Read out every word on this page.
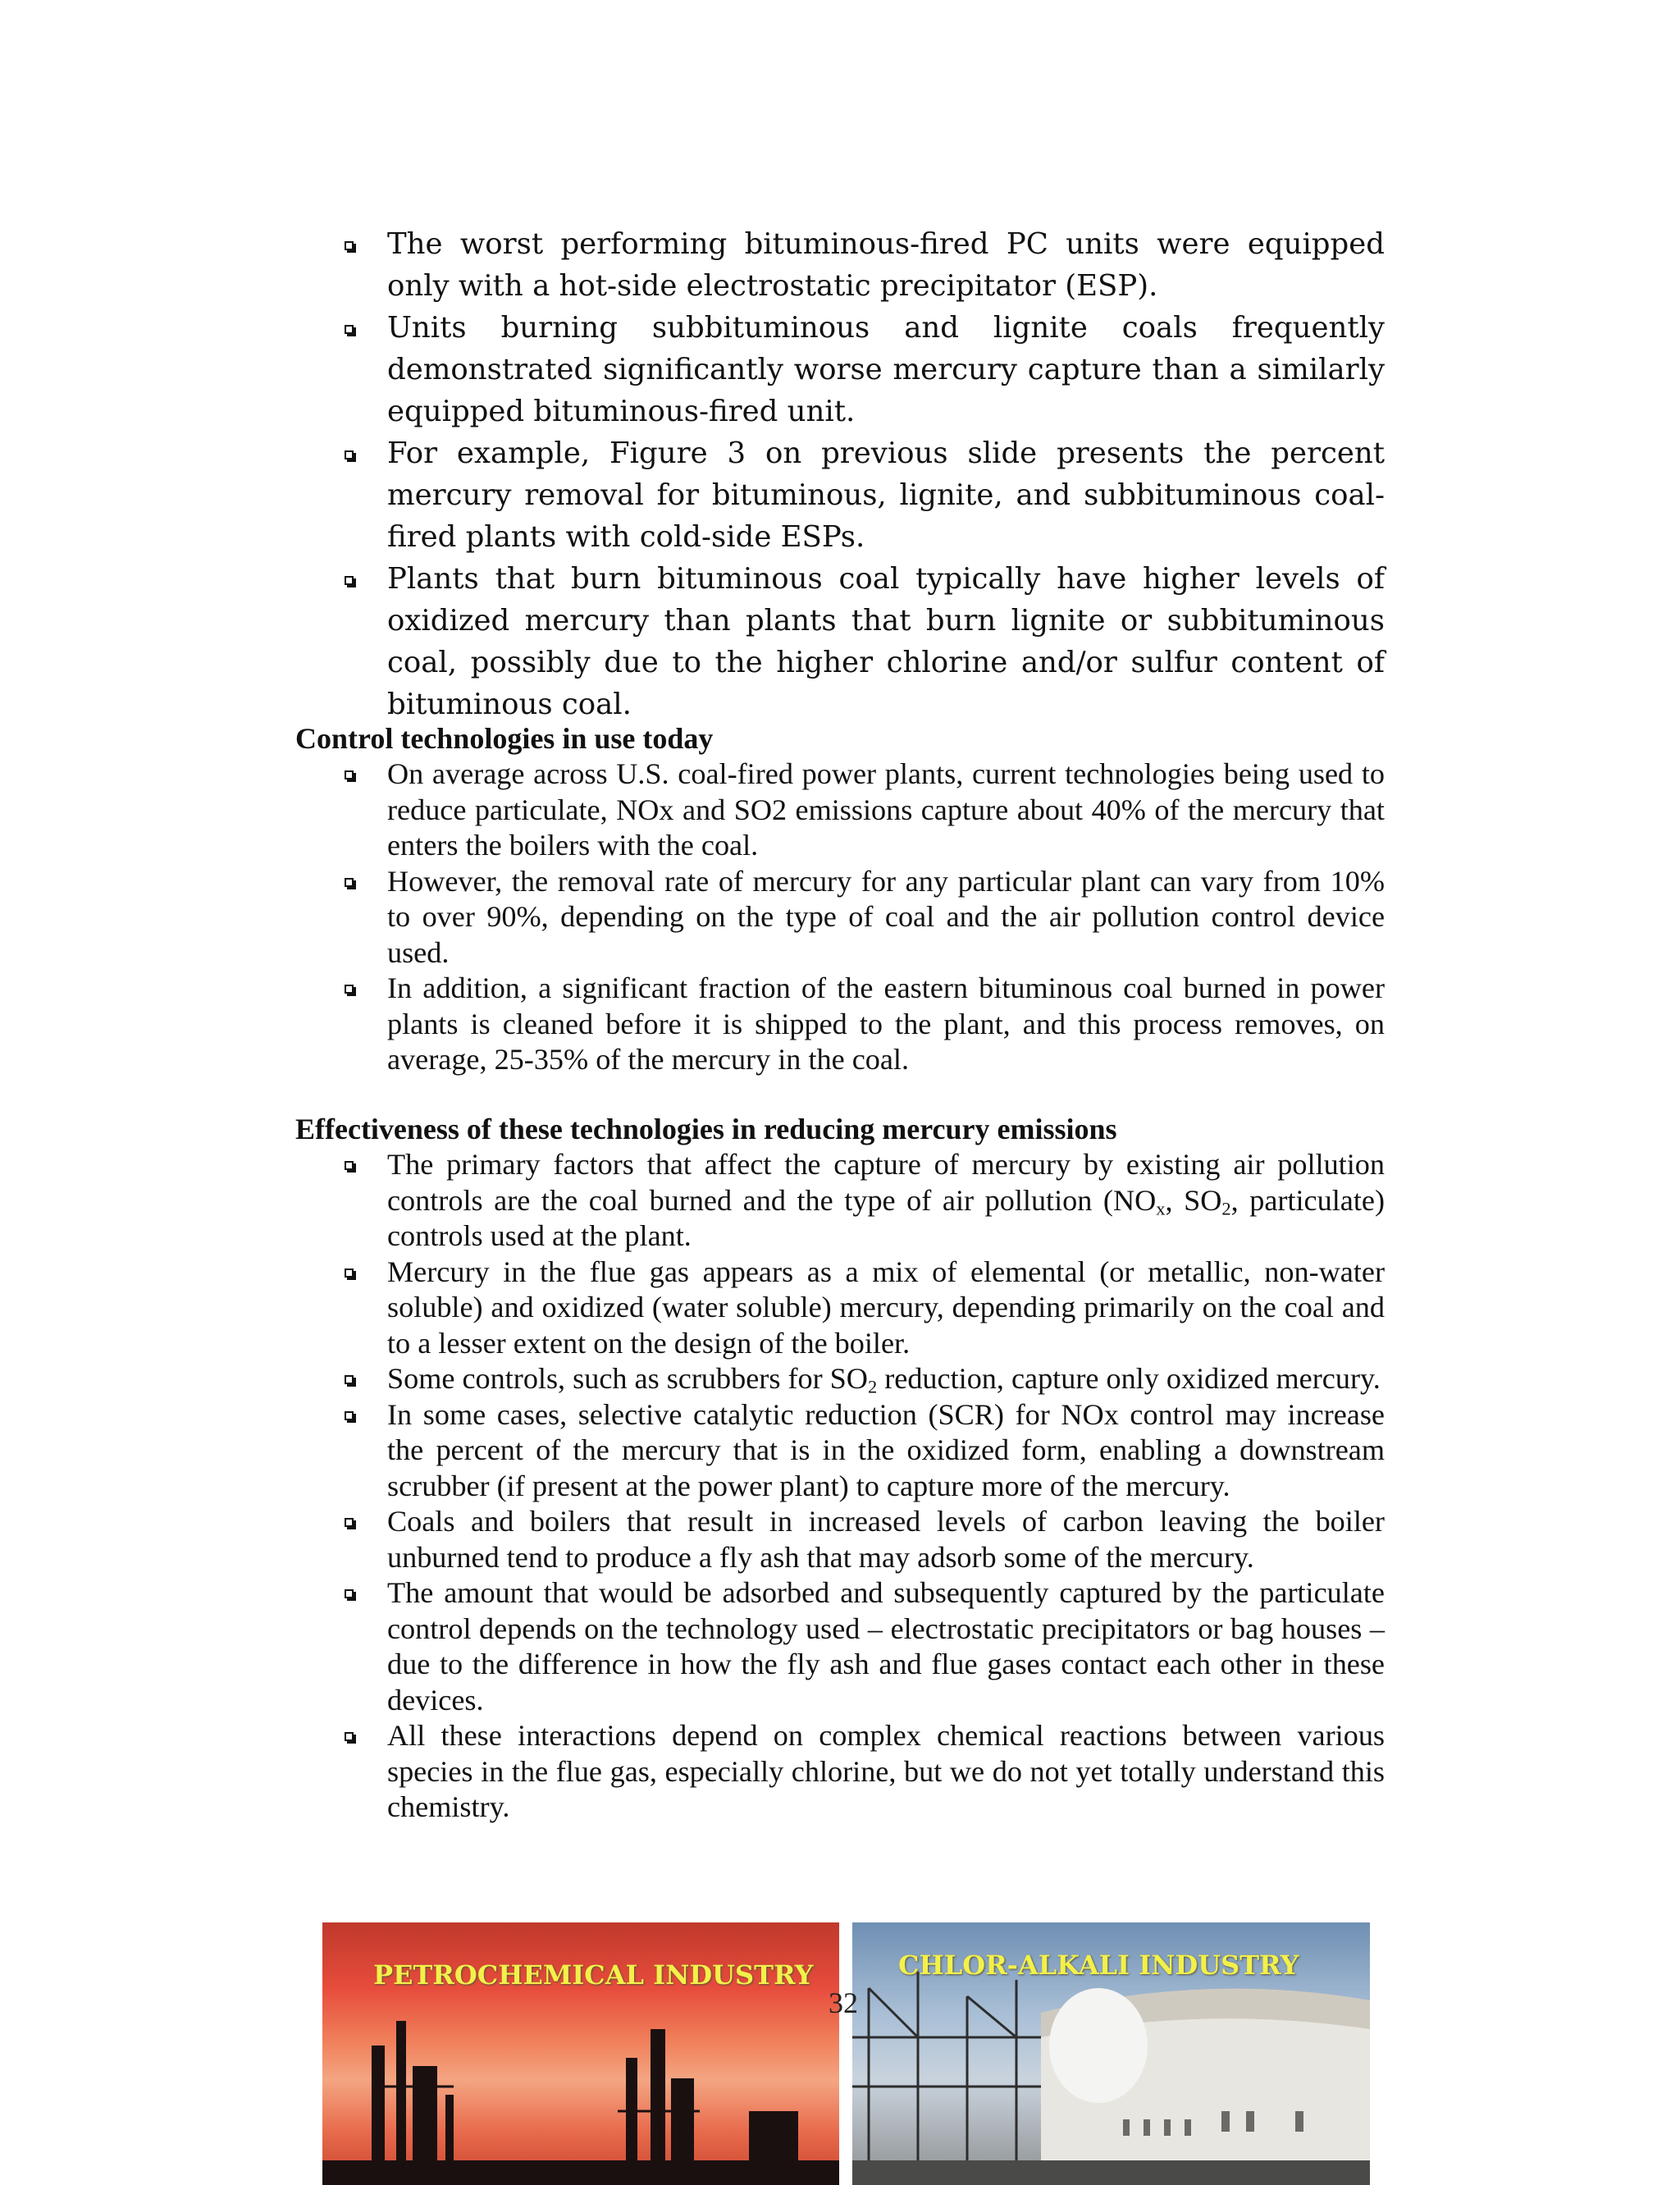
The worst performing bituminous-fired PC units were equipped only with a hot-side electrostatic precipitator (ESP).
Units burning subbituminous and lignite coals frequently demonstrated significantly worse mercury capture than a similarly equipped bituminous-fired unit.
For example, Figure 3 on previous slide presents the percent mercury removal for bituminous, lignite, and subbituminous coal-fired plants with cold-side ESPs.
Plants that burn bituminous coal typically have higher levels of oxidized mercury than plants that burn lignite or subbituminous coal, possibly due to the higher chlorine and/or sulfur content of bituminous coal.
Control technologies in use today
On average across U.S. coal-fired power plants, current technologies being used to reduce particulate, NOx and SO2 emissions capture about 40% of the mercury that enters the boilers with the coal.
However, the removal rate of mercury for any particular plant can vary from 10% to over 90%, depending on the type of coal and the air pollution control device used.
In addition, a significant fraction of the eastern bituminous coal burned in power plants is cleaned before it is shipped to the plant, and this process removes, on average, 25-35% of the mercury in the coal.
Effectiveness of these technologies in reducing mercury emissions
The primary factors that affect the capture of mercury by existing air pollution controls are the coal burned and the type of air pollution ($NO_x$, $SO_2$, particulate) controls used at the plant.
Mercury in the flue gas appears as a mix of elemental (or metallic, non-water soluble) and oxidized (water soluble) mercury, depending primarily on the coal and to a lesser extent on the design of the boiler.
Some controls, such as scrubbers for $SO_2$ reduction, capture only oxidized mercury.
In some cases, selective catalytic reduction (SCR) for NOx control may increase the percent of the mercury that is in the oxidized form, enabling a downstream scrubber (if present at the power plant) to capture more of the mercury.
Coals and boilers that result in increased levels of carbon leaving the boiler unburned tend to produce a fly ash that may adsorb some of the mercury.
The amount that would be adsorbed and subsequently captured by the particulate control depends on the technology used – electrostatic precipitators or bag houses – due to the difference in how the fly ash and flue gases contact each other in these devices.
All these interactions depend on complex chemical reactions between various species in the flue gas, especially chlorine, but we do not yet totally understand this chemistry.
PETROCHEMICAL INDUSTRY
32
CHLOR-ALKALI INDUSTRY
